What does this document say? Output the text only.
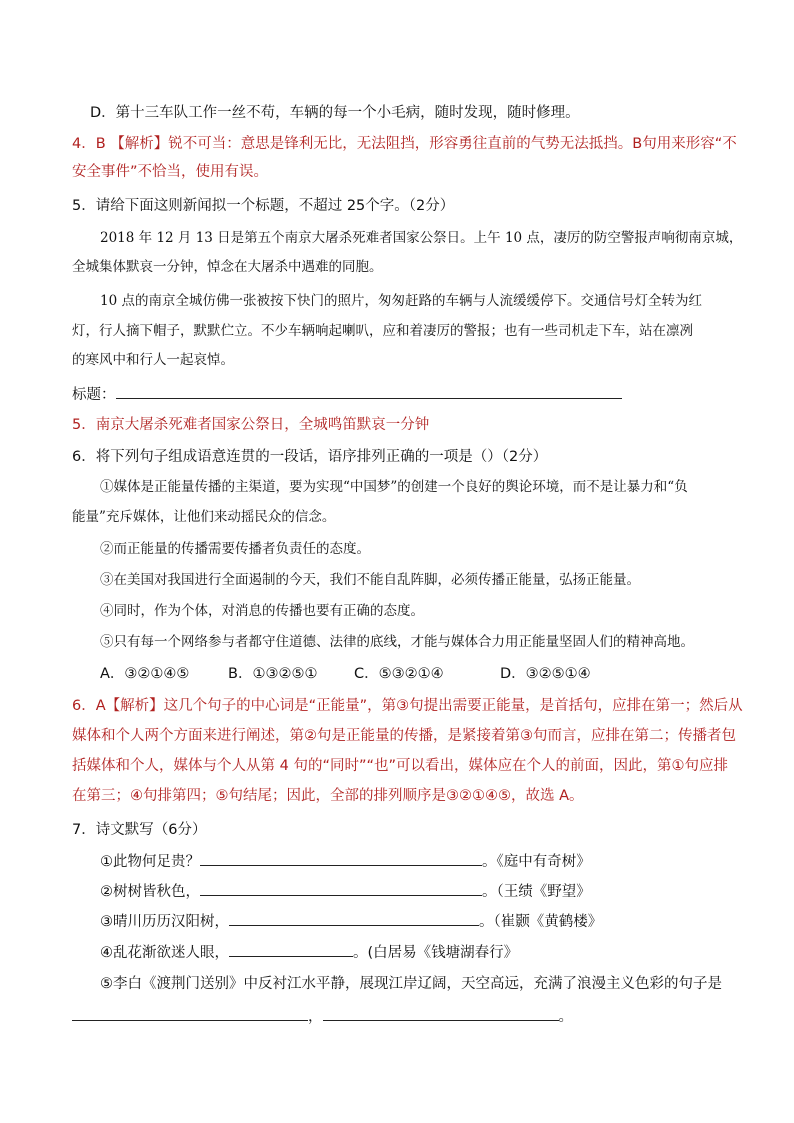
D．第十三车队工作一丝不苟，车辆的每一个小毛病，随时发现，随时修理。
4．B 【解析】锐不可当：意思是锋利无比，无法阻挡，形容勇往直前的气势无法抵挡。B句用来形容“不
安全事件”不恰当，使用有误。
5．请给下面这则新闻拟一个标题，不超过 25个字。（2分）
2018 年 12 月 13 日是第五个南京大屠杀死难者国家公祭日。上午 10 点，凄厉的防空警报声响彻南京城，
全城集体默哀一分钟，悼念在大屠杀中遇难的同胞。
10 点的南京全城仿佛一张被按下快门的照片，匆匆赶路的车辆与人流缓缓停下。交通信号灯全转为红
灯，行人摘下帽子，默默伫立。不少车辆响起喇叭，应和着凄厉的警报；也有一些司机走下车，站在凛冽
的寒风中和行人一起哀悼。
标题：
5．南京大屠杀死难者国家公祭日，全城鸣笛默哀一分钟
6．将下列句子组成语意连贯的一段话，语序排列正确的一项是（）（2分）
①媒体是正能量传播的主渠道，要为实现“中国梦”的创建一个良好的舆论环境，而不是让暴力和“负
能量”充斥媒体，让他们来动摇民众的信念。
②而正能量的传播需要传播者负责任的态度。
③在美国对我国进行全面遏制的今天，我们不能自乱阵脚，必须传播正能量，弘扬正能量。
④同时，作为个体，对消息的传播也要有正确的态度。
⑤只有每一个网络参与者都守住道德、法律的底线，才能与媒体合力用正能量坚固人们的精神高地。
A．③②①④⑤	B．①③②⑤①	C．⑤③②①④	D．③②⑤①④
6．A【解析】这几个句子的中心词是“正能量”，第③句提出需要正能量，是首括句，应排在第一；然后从
媒体和个人两个方面来进行阐述，第②句是正能量的传播，是紧接着第③句而言，应排在第二；传播者包
括媒体和个人，媒体与个人从第 4 句的“同时”“也”可以看出，媒体应在个人的前面，因此，第①句应排
在第三；④句排第四；⑤句结尾；因此，全部的排列顺序是③②①④⑤，故选 A。
7．诗文默写（6分）
①此物何足贵？	。《庭中有奇树》
②树树皆秋色，	。（王绩《野望》
③晴川历历汉阳树，	。（崔颢《黄鹤楼》
④乱花渐欲迷人眼，	。(白居易《钱塘湖春行》
⑤李白《渡荆门送别》中反衬江水平静，展现江岸辽阔，天空高远，充满了浪漫主义色彩的句子是
，	。
